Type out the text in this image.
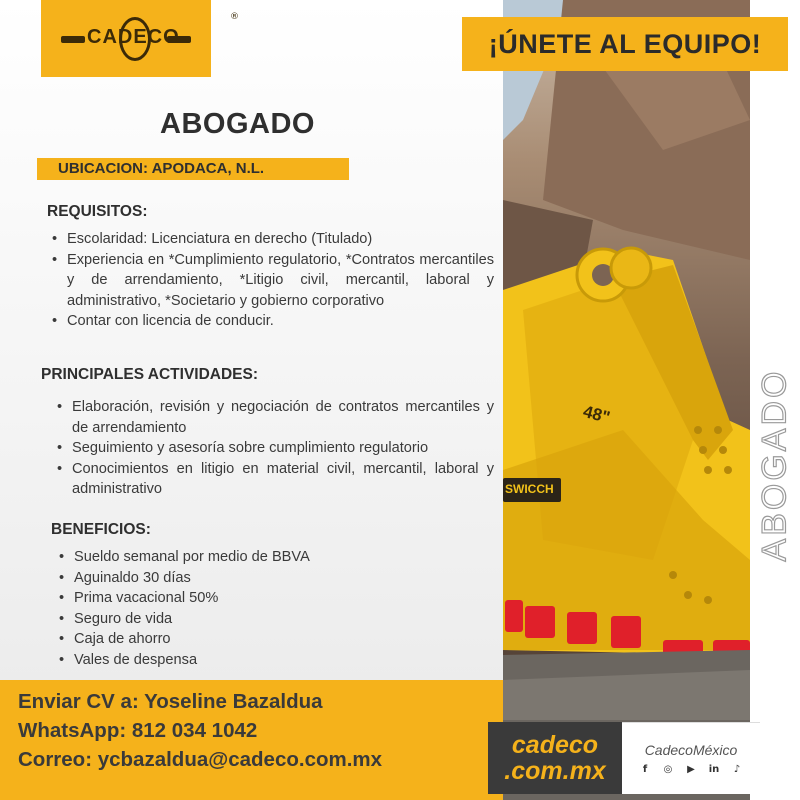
48"
SWICCH	ABOGADO
CADECO
®
¡ÚNETE AL EQUIPO!
ABOGADO
UBICACION: APODACA, N.L.
REQUISITOS:
• Escolaridad: Licenciatura en derecho (Titulado)
• Experiencia en *Cumplimiento regulatorio, *Contratos mercantiles y de arrendamiento, *Litigio civil, mercantil, laboral y administrativo, *Societario y gobierno corporativo
• Contar con licencia de conducir.
PRINCIPALES ACTIVIDADES:
• Elaboración, revisión y negociación de contratos mercantiles y de arrendamiento
• Seguimiento y asesoría sobre cumplimiento regulatorio
• Conocimientos en litigio en material civil, mercantil, laboral y administrativo
BENEFICIOS:
• Sueldo semanal por medio de BBVA
• Aguinaldo 30 días
• Prima vacacional 50%
• Seguro de vida
• Caja de ahorro
• Vales de despensa
Enviar CV a: Yoseline Bazaldua
WhatsApp: 812 034 1042
Correo: ycbazaldua@cadeco.com.mx
cadeco
.com.mx
CadecoMéxico
f	◎ ▶ in	♪
